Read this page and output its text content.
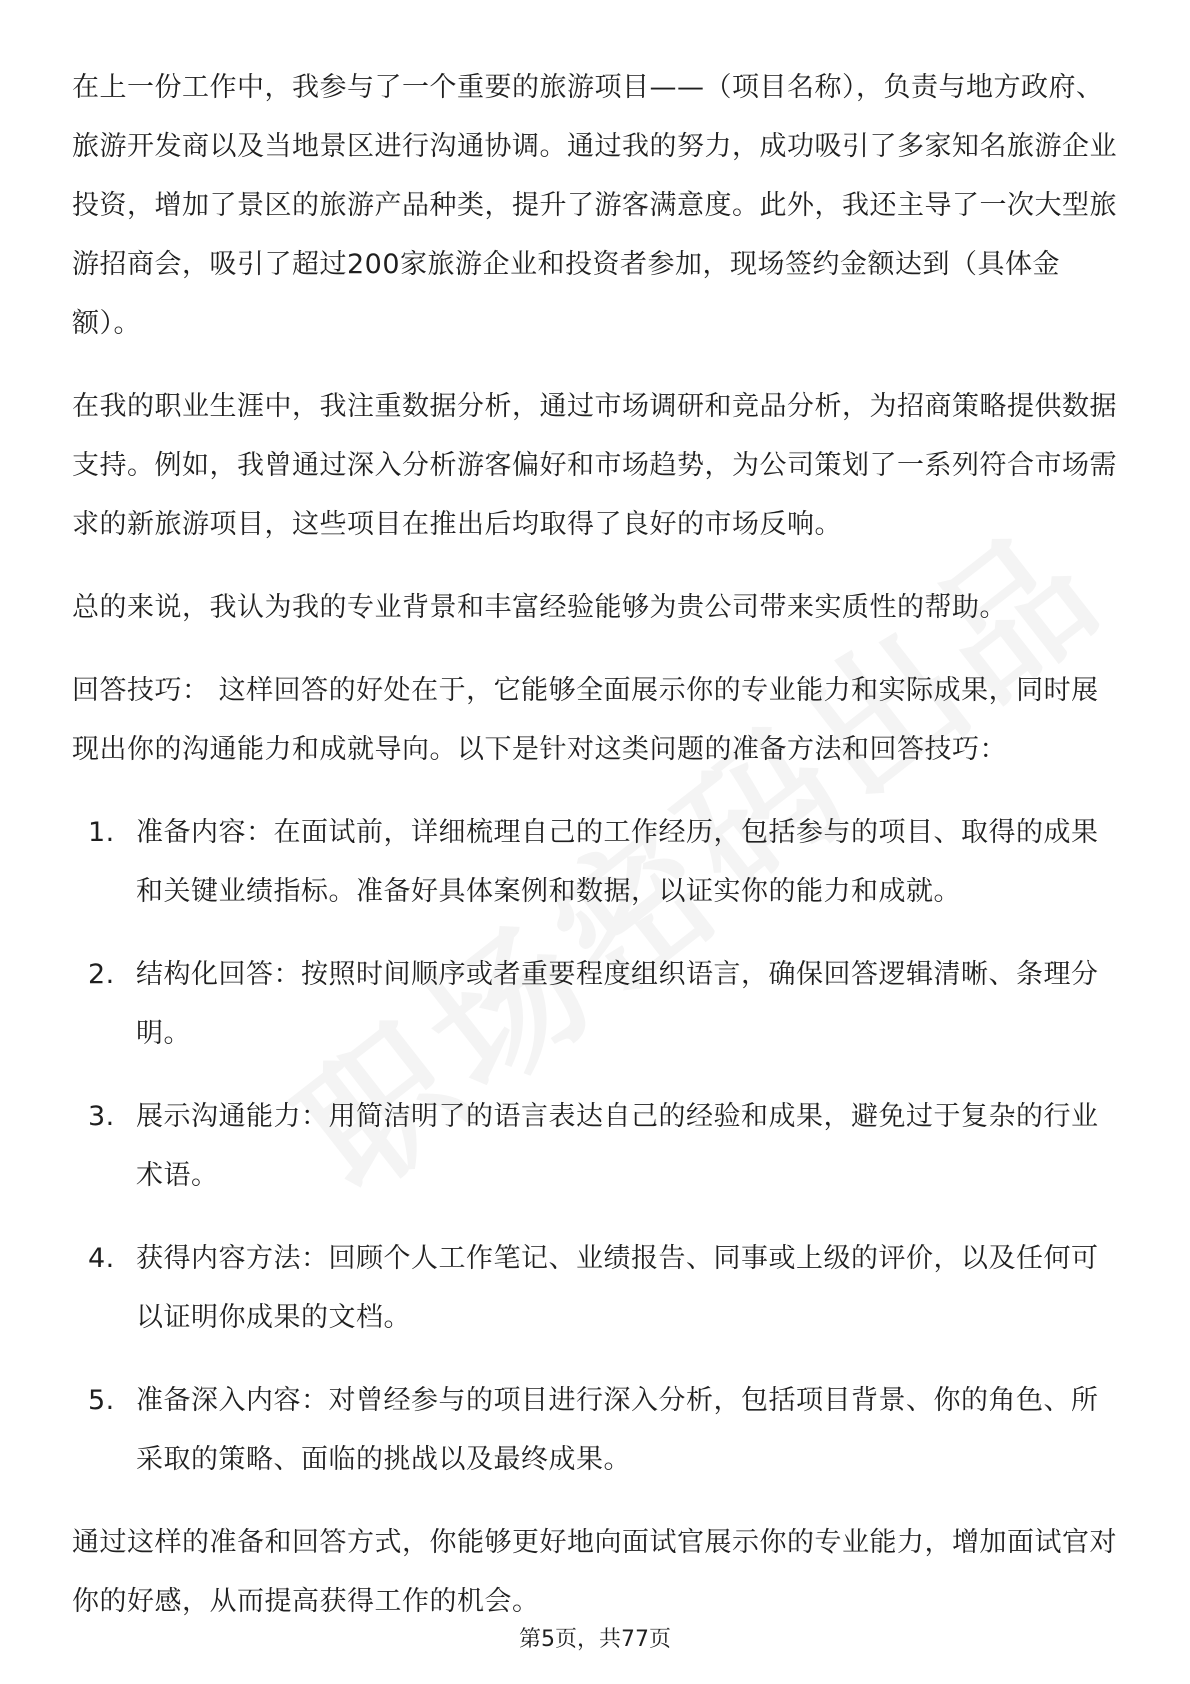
在上一份工作中，我参与了一个重要的旅游项目——（项目名称），负责与地方政府、旅游开发商以及当地景区进行沟通协调。通过我的努力，成功吸引了多家知名旅游企业投资，增加了景区的旅游产品种类，提升了游客满意度。此外，我还主导了一次大型旅游招商会，吸引了超过200家旅游企业和投资者参加，现场签约金额达到（具体金额）。

在我的职业生涯中，我注重数据分析，通过市场调研和竞品分析，为招商策略提供数据支持。例如，我曾通过深入分析游客偏好和市场趋势，为公司策划了一系列符合市场需求的新旅游项目，这些项目在推出后均取得了良好的市场反响。

总的来说，我认为我的专业背景和丰富经验能够为贵公司带来实质性的帮助。

回答技巧： 这样回答的好处在于，它能够全面展示你的专业能力和实际成果，同时展现出你的沟通能力和成就导向。以下是针对这类问题的准备方法和回答技巧：

1. 准备内容：在面试前，详细梳理自己的工作经历，包括参与的项目、取得的成果和关键业绩指标。准备好具体案例和数据，以证实你的能力和成就。
2. 结构化回答：按照时间顺序或者重要程度组织语言，确保回答逻辑清晰、条理分明。
3. 展示沟通能力：用简洁明了的语言表达自己的经验和成果，避免过于复杂的行业术语。
4. 获得内容方法：回顾个人工作笔记、业绩报告、同事或上级的评价，以及任何可以证明你成果的文档。
5. 准备深入内容：对曾经参与的项目进行深入分析，包括项目背景、你的角色、所采取的策略、面临的挑战以及最终成果。

通过这样的准备和回答方式，你能够更好地向面试官展示你的专业能力，增加面试官对你的好感，从而提高获得工作的机会。

第5页，共77页
